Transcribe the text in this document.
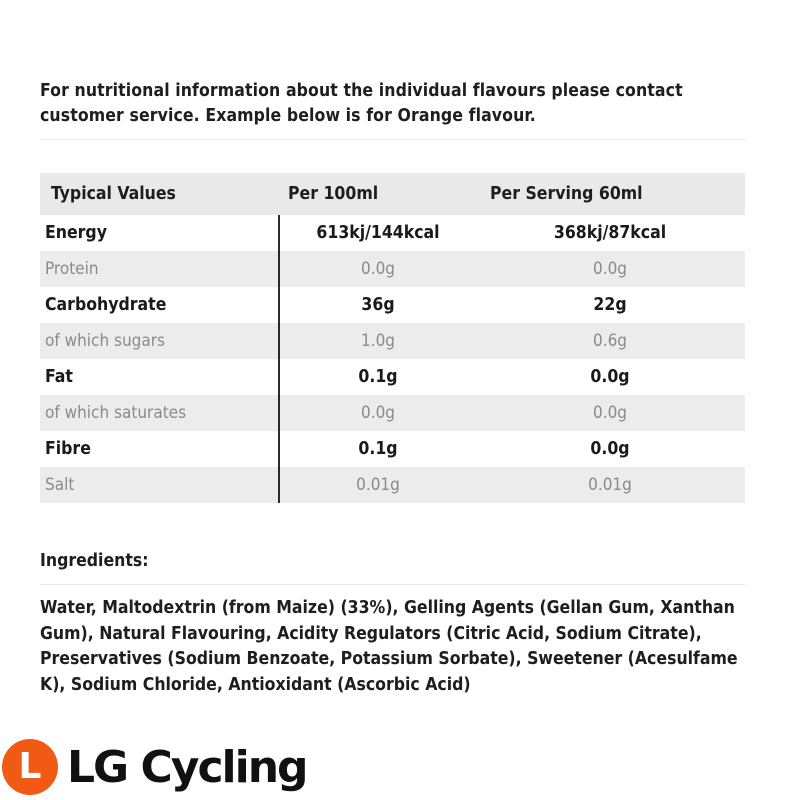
For nutritional information about the individual flavours please contact customer service. Example below is for Orange flavour.
Typical Values	Per 100ml	Per Serving 60ml
Energy	613kj/144kcal	368kj/87kcal
Protein	0.0g	0.0g
Carbohydrate	36g	22g
of which sugars	1.0g	0.6g
Fat	0.1g	0.0g
of which saturates	0.0g	0.0g
Fibre	0.1g	0.0g
Salt	0.01g	0.01g
Ingredients:
Water, Maltodextrin (from Maize) (33%), Gelling Agents (Gellan Gum, Xanthan Gum), Natural Flavouring, Acidity Regulators (Citric Acid, Sodium Citrate), Preservatives (Sodium Benzoate, Potassium Sorbate), Sweetener (Acesulfame K), Sodium Chloride, Antioxidant (Ascorbic Acid)
L LG Cycling
